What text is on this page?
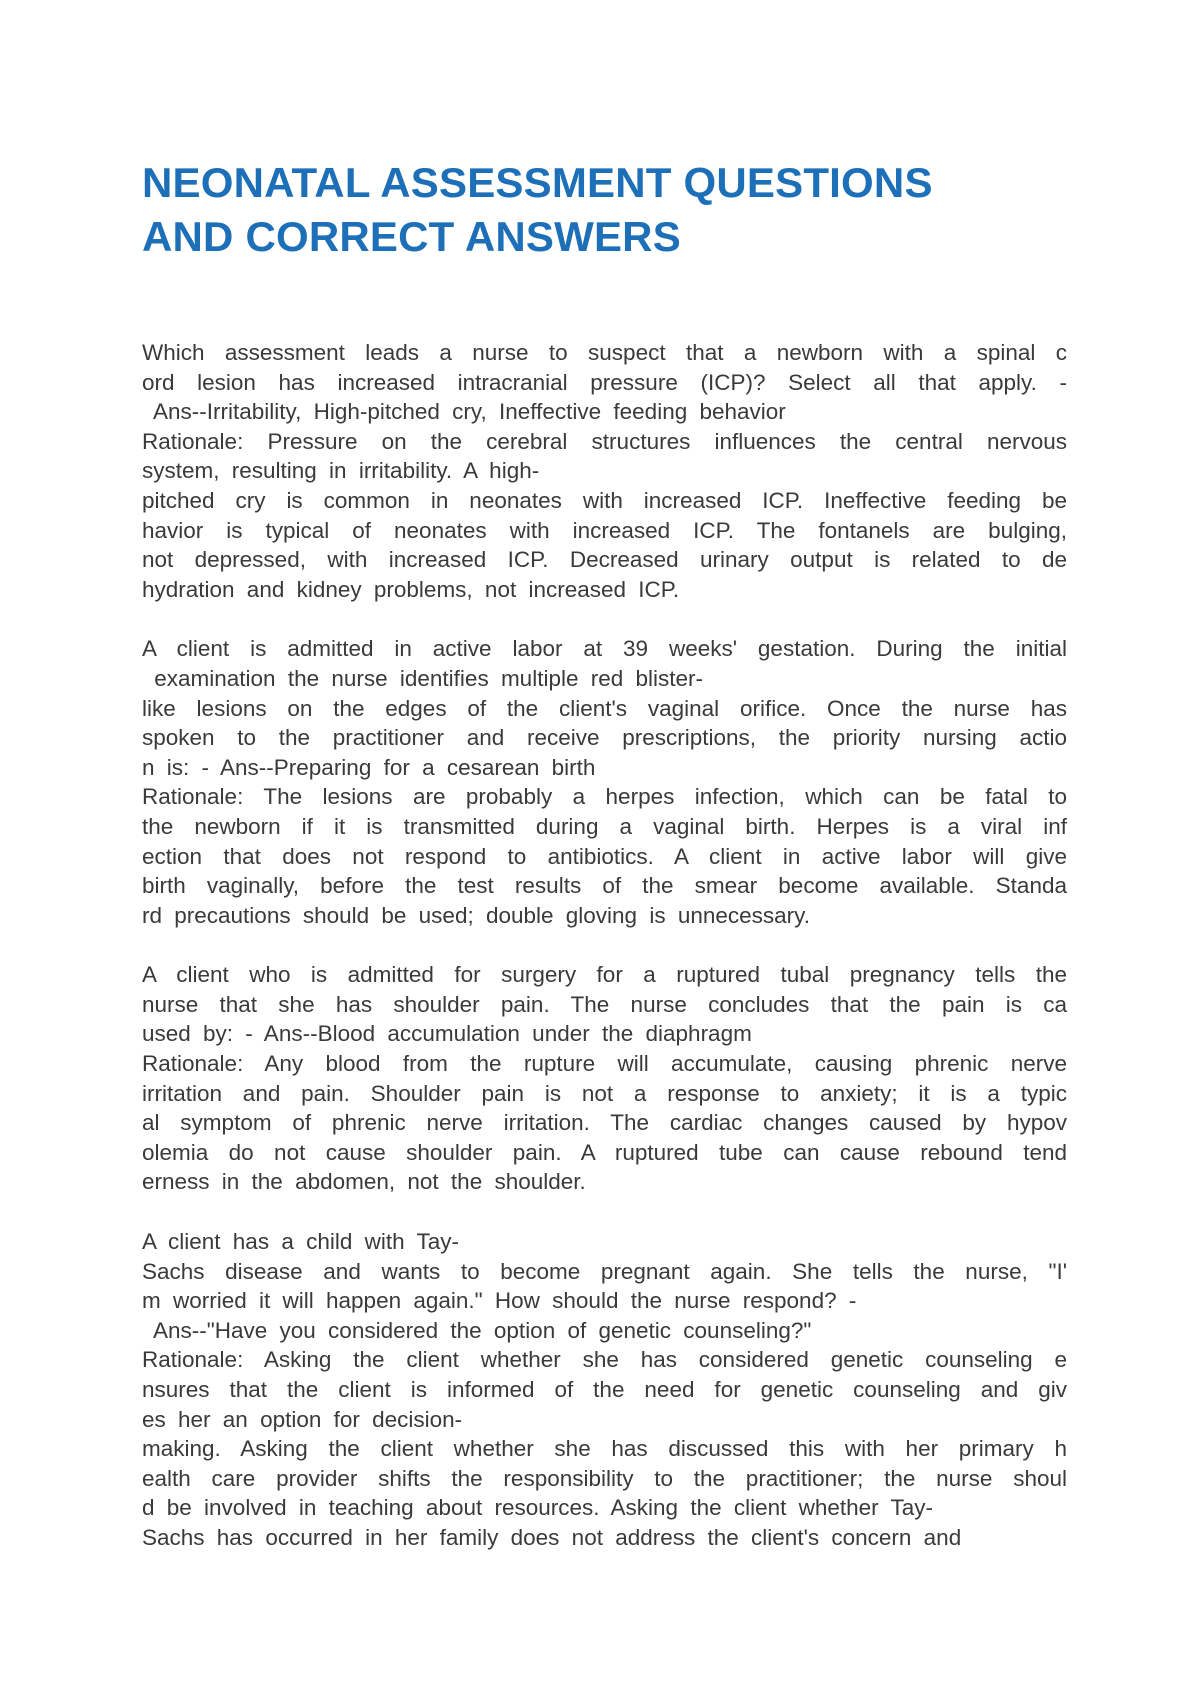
NEONATAL ASSESSMENT QUESTIONS
AND CORRECT ANSWERS
Which assessment leads a nurse to suspect that a newborn with a spinal c
ord lesion has increased intracranial pressure (ICP)? Select all that apply. -
Ans--Irritability, High-pitched cry, Ineffective feeding behavior
Rationale: Pressure on the cerebral structures influences the central nervous
system, resulting in irritability. A high-
pitched cry is common in neonates with increased ICP. Ineffective feeding be
havior is typical of neonates with increased ICP. The fontanels are bulging,
not depressed, with increased ICP. Decreased urinary output is related to de
hydration and kidney problems, not increased ICP.
A client is admitted in active labor at 39 weeks' gestation. During the initial
examination the nurse identifies multiple red blister-
like lesions on the edges of the client's vaginal orifice. Once the nurse has
spoken to the practitioner and receive prescriptions, the priority nursing actio
n is: - Ans--Preparing for a cesarean birth
Rationale: The lesions are probably a herpes infection, which can be fatal to
the newborn if it is transmitted during a vaginal birth. Herpes is a viral inf
ection that does not respond to antibiotics. A client in active labor will give
birth vaginally, before the test results of the smear become available. Standa
rd precautions should be used; double gloving is unnecessary.
A client who is admitted for surgery for a ruptured tubal pregnancy tells the
nurse that she has shoulder pain. The nurse concludes that the pain is ca
used by: - Ans--Blood accumulation under the diaphragm
Rationale: Any blood from the rupture will accumulate, causing phrenic nerve
irritation and pain. Shoulder pain is not a response to anxiety; it is a typic
al symptom of phrenic nerve irritation. The cardiac changes caused by hypov
olemia do not cause shoulder pain. A ruptured tube can cause rebound tend
erness in the abdomen, not the shoulder.
A client has a child with Tay-
Sachs disease and wants to become pregnant again. She tells the nurse, "I'
m worried it will happen again." How should the nurse respond? -
Ans--"Have you considered the option of genetic counseling?"
Rationale: Asking the client whether she has considered genetic counseling e
nsures that the client is informed of the need for genetic counseling and giv
es her an option for decision-
making. Asking the client whether she has discussed this with her primary h
ealth care provider shifts the responsibility to the practitioner; the nurse shoul
d be involved in teaching about resources. Asking the client whether Tay-
Sachs has occurred in her family does not address the client's concern and
